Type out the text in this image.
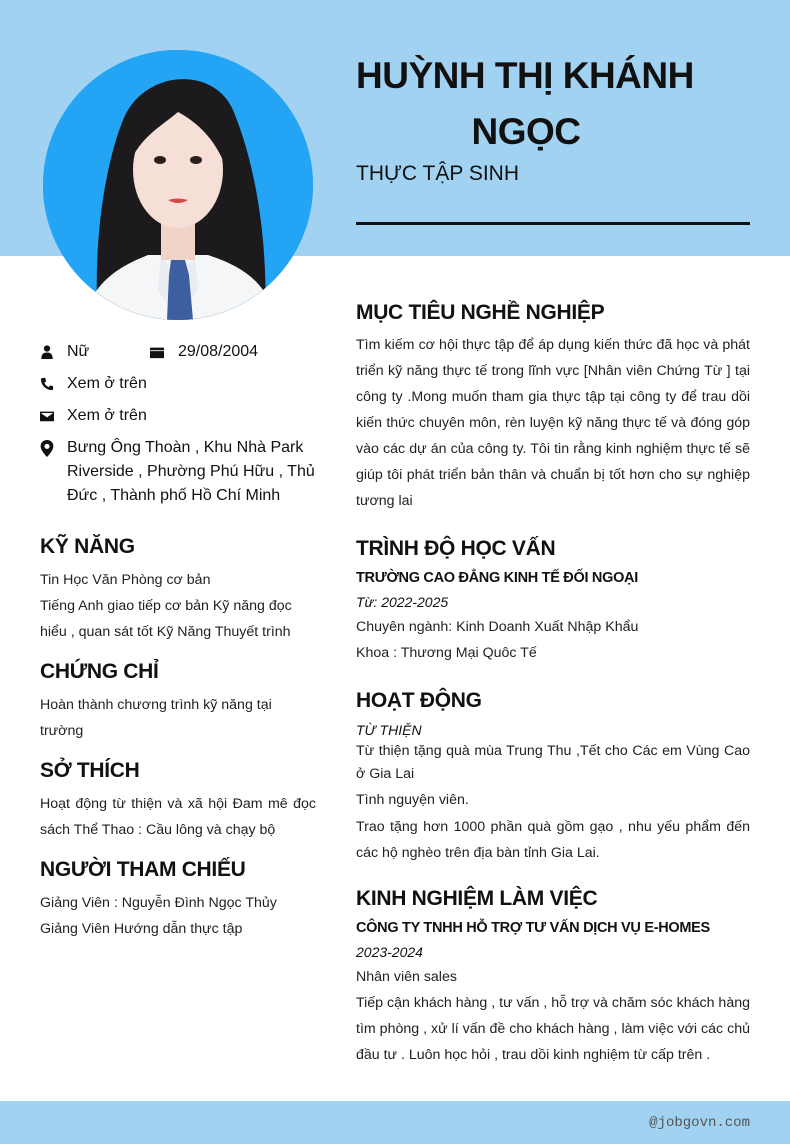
HUỲNH THỊ KHÁNH
NGỌC
THỰC TẬP SINH
Nữ	29/08/2004
Xem ở trên
Xem ở trên
Bưng Ông Thoàn , Khu Nhà Park Riverside , Phường Phú Hữu , Thủ Đức , Thành phố Hồ Chí Minh
KỸ NĂNG
Tin Học Văn Phòng cơ bản
Tiếng Anh giao tiếp cơ bản Kỹ năng đọc hiểu , quan sát tốt Kỹ Năng Thuyết trình
CHỨNG CHỈ
Hoàn thành chương trình kỹ năng tại trường
SỞ THÍCH
Hoạt động từ thiện và xã hội Đam mê đọc sách Thể Thao : Cầu lông và chạy bộ
NGƯỜI THAM CHIẾU
Giảng Viên : Nguyễn Đình Ngọc Thủy Giảng Viên Hướng dẫn thực tập
MỤC TIÊU NGHỀ NGHIỆP
Tìm kiếm cơ hội thực tập để áp dụng kiến thức đã học và phát triển kỹ năng thực tế trong lĩnh vực [Nhân viên Chứng Từ ] tại công ty .Mong muốn tham gia thực tập tại công ty để trau dồi kiến thức chuyên môn, rèn luyện kỹ năng thực tế và đóng góp vào các dự án của công ty. Tôi tin rằng kinh nghiệm thực tế sẽ giúp tôi phát triển bản thân và chuẩn bị tốt hơn cho sự nghiệp tương lai
TRÌNH ĐỘ HỌC VẤN
TRƯỜNG CAO ĐẲNG KINH TẾ ĐỐI NGOẠI
Từ: 2022-2025
Chuyên ngành: Kinh Doanh Xuất Nhập Khẩu
Khoa : Thương Mại Quôc Tế
HOẠT ĐỘNG
TỪ THIỆN
Từ thiện tặng quà mùa Trung Thu ,Tết cho Các em Vùng Cao ở Gia Lai
Tình nguyện viên.
Trao tặng hơn 1000 phần quà gồm gạo , nhu yếu phẩm đến các hộ nghèo trên địa bàn tỉnh Gia Lai.
KINH NGHIỆM LÀM VIỆC
CÔNG TY TNHH HỖ TRỢ TƯ VẤN DỊCH VỤ E-HOMES
2023-2024
Nhân viên sales
Tiếp cận khách hàng , tư vấn , hỗ trợ và chăm sóc khách hàng tìm phòng , xử lí vấn đề cho khách hàng , làm việc với các chủ đầu tư . Luôn học hỏi , trau dồi kinh nghiệm từ cấp trên .
@jobgovn.com
